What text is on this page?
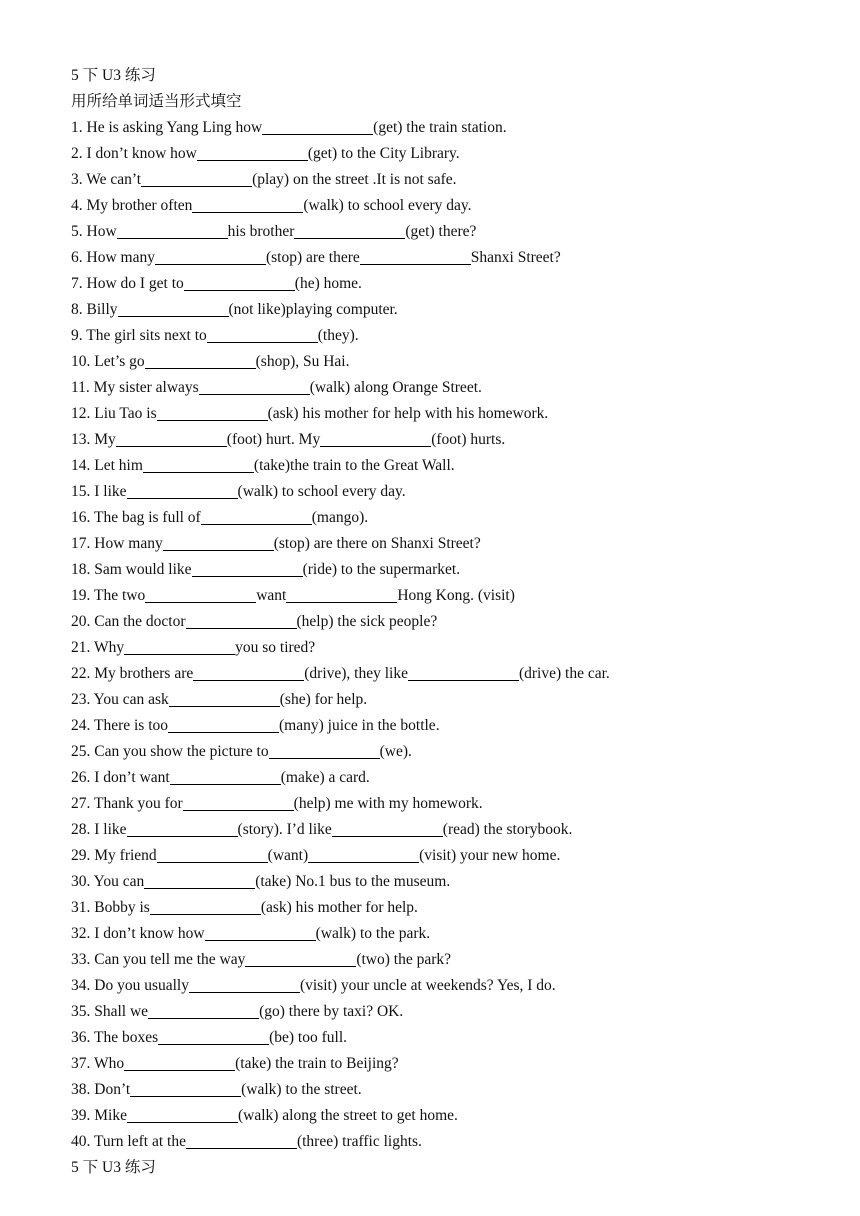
5 下 U3 练习
用所给单词适当形式填空
1. He is asking Yang Ling how	(get) the train station.
2. I don’t know how	(get) to the City Library.
3. We can’t	(play) on the street .It is not safe.
4. My brother often	(walk) to school every day.
5. How	his brother	(get) there?
6. How many	(stop) are there	Shanxi Street?
7. How do I get to	(he) home.
8. Billy	(not like)playing computer.
9. The girl sits next to	(they).
10. Let’s go	(shop), Su Hai.
11. My sister always	(walk) along Orange Street.
12. Liu Tao is	(ask) his mother for help with his homework.
13. My	(foot) hurt. My	(foot) hurts.
14. Let him	(take)the train to the Great Wall.
15. I like	(walk) to school every day.
16. The bag is full of	(mango).
17. How many	(stop) are there on Shanxi Street?
18. Sam would like	(ride) to the supermarket.
19. The two	want	Hong Kong. (visit)
20. Can the doctor	(help) the sick people?
21. Why	you so tired?
22. My brothers are	(drive), they like	(drive) the car.
23. You can ask	(she) for help.
24. There is too	(many) juice in the bottle.
25. Can you show the picture to	(we).
26. I don’t want	(make) a card.
27. Thank you for	(help) me with my homework.
28. I like	(story). I’d like	(read) the storybook.
29. My friend	(want)	(visit) your new home.
30. You can	(take) No.1 bus to the museum.
31. Bobby is	(ask) his mother for help.
32. I don’t know how	(walk) to the park.
33. Can you tell me the way	(two) the park?
34. Do you usually	(visit) your uncle at weekends? Yes, I do.
35. Shall we	(go) there by taxi? OK.
36. The boxes	(be) too full.
37. Who	(take) the train to Beijing?
38. Don’t	(walk) to the street.
39. Mike	(walk) along the street to get home.
40. Turn left at the	(three) traffic lights.
5 下 U3 练习
